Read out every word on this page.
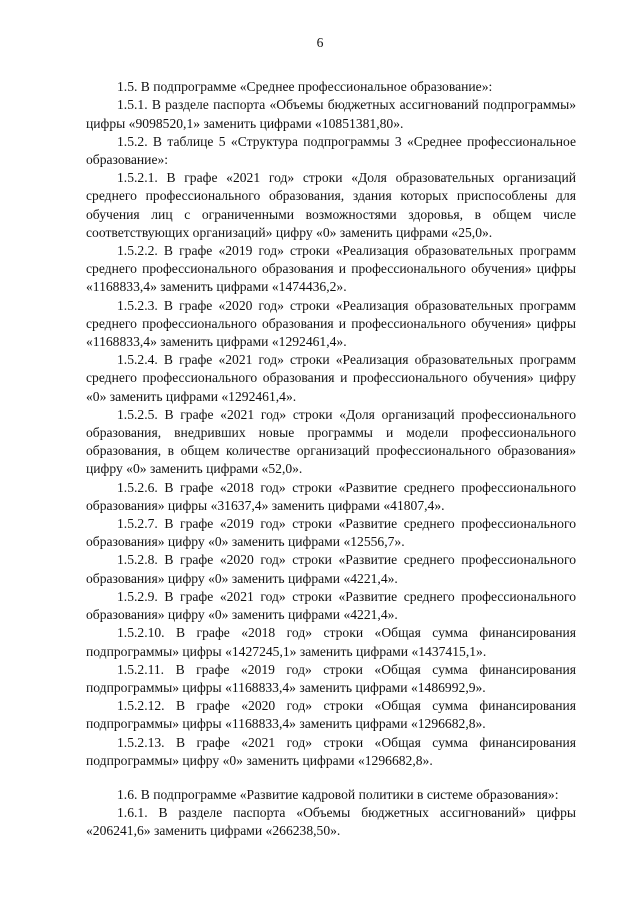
6

1.5. В подпрограмме «Среднее профессиональное образование»:

1.5.1. В разделе паспорта «Объемы бюджетных ассигнований подпрограммы» цифры «9098520,1» заменить цифрами «10851381,80».

1.5.2. В таблице 5 «Структура подпрограммы 3 «Среднее профессиональное образование»:

1.5.2.1. В графе «2021 год» строки «Доля образовательных организаций среднего профессионального образования, здания которых приспособлены для обучения лиц с ограниченными возможностями здоровья, в общем числе соответствующих организаций» цифру «0» заменить цифрами «25,0».

1.5.2.2. В графе «2019 год» строки «Реализация образовательных программ среднего профессионального образования и профессионального обучения» цифры «1168833,4» заменить цифрами «1474436,2».

1.5.2.3. В графе «2020 год» строки «Реализация образовательных программ среднего профессионального образования и профессионального обучения» цифры «1168833,4» заменить цифрами «1292461,4».

1.5.2.4. В графе «2021 год» строки «Реализация образовательных программ среднего профессионального образования и профессионального обучения» цифру «0» заменить цифрами «1292461,4».

1.5.2.5. В графе «2021 год» строки «Доля организаций профессионального образования, внедривших новые программы и модели профессионального образования, в общем количестве организаций профессионального образования» цифру «0» заменить цифрами «52,0».

1.5.2.6. В графе «2018 год» строки «Развитие среднего профессионального образования» цифры «31637,4» заменить цифрами «41807,4».

1.5.2.7. В графе «2019 год» строки «Развитие среднего профессионального образования» цифру «0» заменить цифрами «12556,7».

1.5.2.8. В графе «2020 год» строки «Развитие среднего профессионального образования» цифру «0» заменить цифрами «4221,4».

1.5.2.9. В графе «2021 год» строки «Развитие среднего профессионального образования» цифру «0» заменить цифрами «4221,4».

1.5.2.10. В графе «2018 год» строки «Общая сумма финансирования подпрограммы» цифры «1427245,1» заменить цифрами «1437415,1».

1.5.2.11. В графе «2019 год» строки «Общая сумма финансирования подпрограммы» цифры «1168833,4» заменить цифрами «1486992,9».

1.5.2.12. В графе «2020 год» строки «Общая сумма финансирования подпрограммы» цифры «1168833,4» заменить цифрами «1296682,8».

1.5.2.13. В графе «2021 год» строки «Общая сумма финансирования подпрограммы» цифру «0» заменить цифрами «1296682,8».

1.6. В подпрограмме «Развитие кадровой политики в системе образования»:

1.6.1. В разделе паспорта «Объемы бюджетных ассигнований» цифры «206241,6» заменить цифрами «266238,50».
